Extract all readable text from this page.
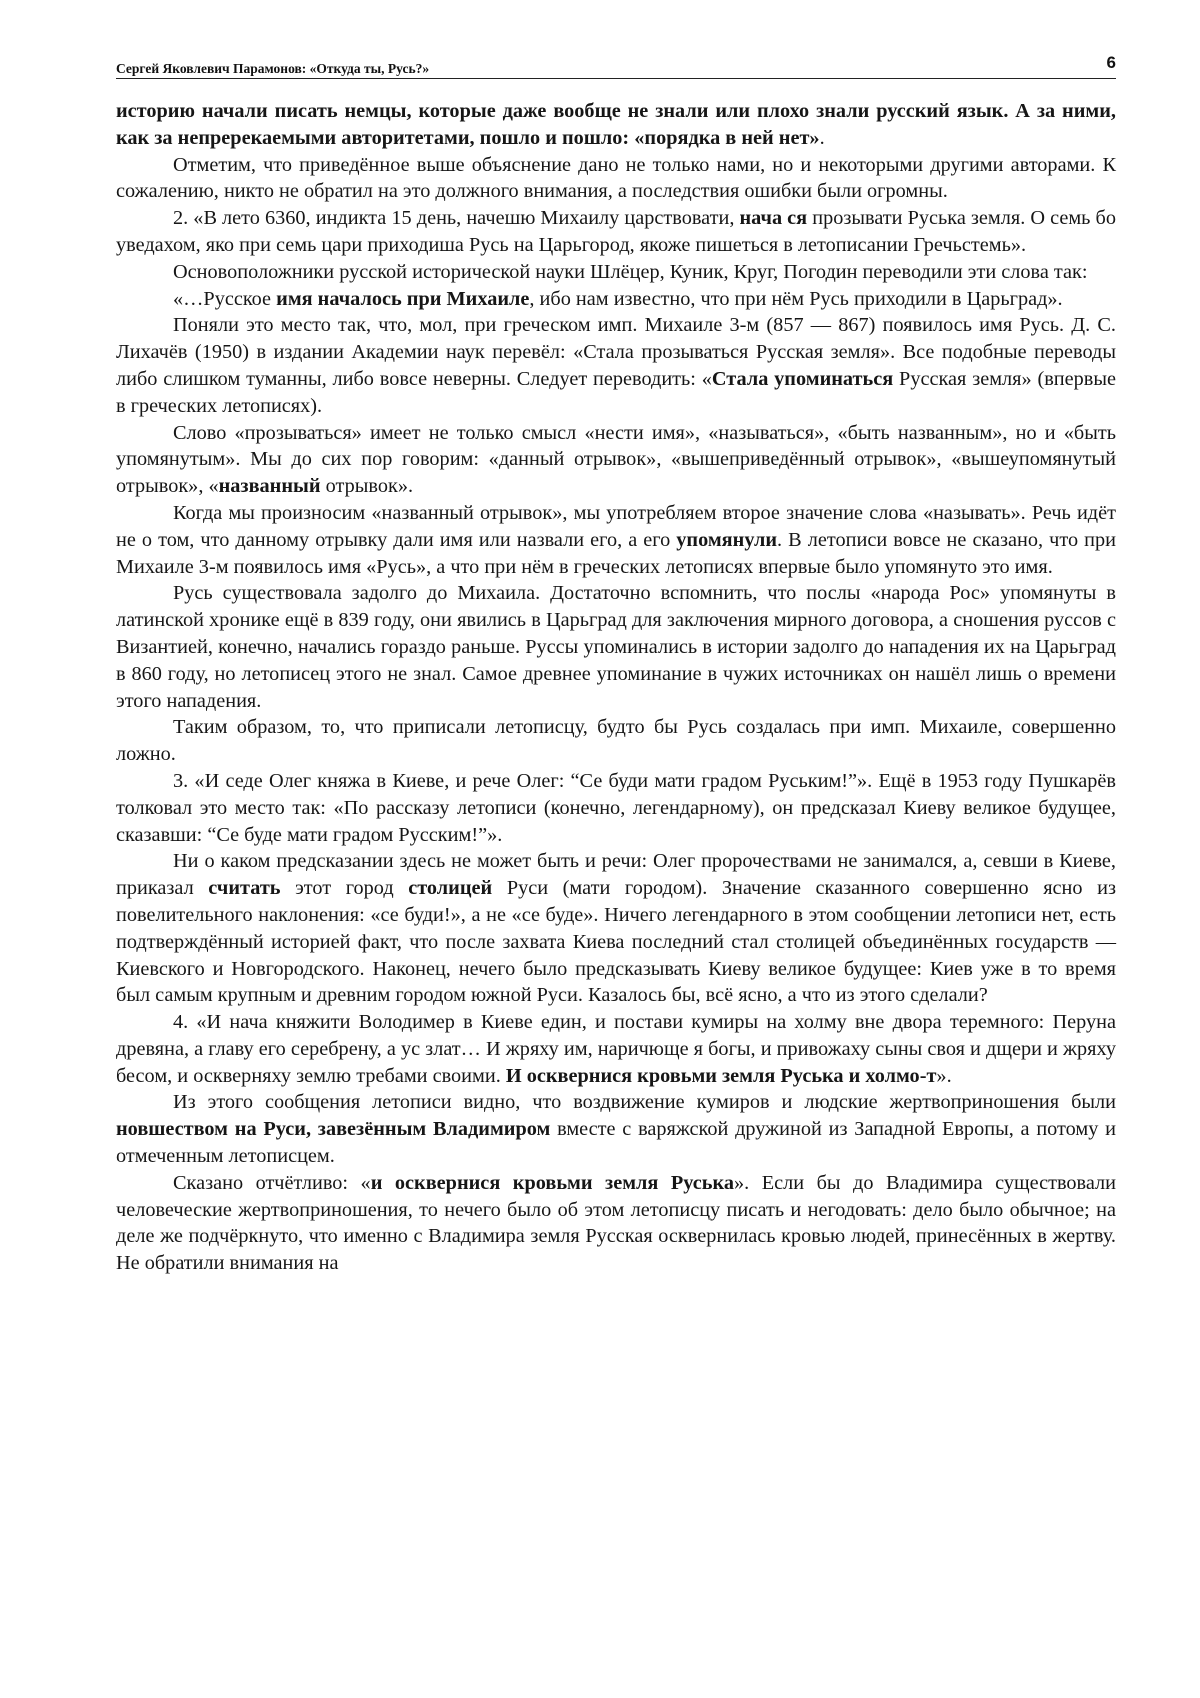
Сергей Яковлевич Парамонов: «Откуда ты, Русь?»	6

историю начали писать немцы, которые даже вообще не знали или плохо знали русский язык. А за ними, как за непререкаемыми авторитетами, пошло и пошло: «порядка в ней нет».

Отметим, что приведённое выше объяснение дано не только нами, но и некоторыми другими авторами. К сожалению, никто не обратил на это должного внимания, а последствия ошибки были огромны.

2. «В лето 6360, индикта 15 день, начешю Михаилу царствовати, нача ся прозывати Руська земля. О семь бо уведахом, яко при семь цари приходиша Русь на Царьгород, якоже пишеться в летописании Гречьстемь».

Основоположники русской исторической науки Шлёцер, Куник, Круг, Погодин переводили эти слова так:

«…Русское имя началось при Михаиле, ибо нам известно, что при нём Русь приходили в Царьград».

Поняли это место так, что, мол, при греческом имп. Михаиле 3-м (857 — 867) появилось имя Русь. Д. С. Лихачёв (1950) в издании Академии наук перевёл: «Стала прозываться Русская земля». Все подобные переводы либо слишком туманны, либо вовсе неверны. Следует переводить: «Стала упоминаться Русская земля» (впервые в греческих летописях).

Слово «прозываться» имеет не только смысл «нести имя», «называться», «быть названным», но и «быть упомянутым». Мы до сих пор говорим: «данный отрывок», «вышеприведённый отрывок», «вышеупомянутый отрывок», «названный отрывок».

Когда мы произносим «названный отрывок», мы употребляем второе значение слова «называть». Речь идёт не о том, что данному отрывку дали имя или назвали его, а его упомянули. В летописи вовсе не сказано, что при Михаиле 3-м появилось имя «Русь», а что при нём в греческих летописях впервые было упомянуто это имя.

Русь существовала задолго до Михаила. Достаточно вспомнить, что послы «народа Рос» упомянуты в латинской хронике ещё в 839 году, они явились в Царьград для заключения мирного договора, а сношения руссов с Византией, конечно, начались гораздо раньше. Руссы упоминались в истории задолго до нападения их на Царьград в 860 году, но летописец этого не знал. Самое древнее упоминание в чужих источниках он нашёл лишь о времени этого нападения.

Таким образом, то, что приписали летописцу, будто бы Русь создалась при имп. Михаиле, совершенно ложно.

3. «И седе Олег княжа в Киеве, и рече Олег: “Се буди мати градом Руським!”». Ещё в 1953 году Пушкарёв толковал это место так: «По рассказу летописи (конечно, легендарному), он предсказал Киеву великое будущее, сказавши: “Се буде мати градом Русским!”».

Ни о каком предсказании здесь не может быть и речи: Олег пророчествами не занимался, а, севши в Киеве, приказал считать этот город столицей Руси (мати городом). Значение сказанного совершенно ясно из повелительного наклонения: «се буди!», а не «се буде». Ничего легендарного в этом сообщении летописи нет, есть подтверждённый историей факт, что после захвата Киева последний стал столицей объединённых государств — Киевского и Новгородского. Наконец, нечего было предсказывать Киеву великое будущее: Киев уже в то время был самым крупным и древним городом южной Руси. Казалось бы, всё ясно, а что из этого сделали?

4. «И нача княжити Володимер в Киеве един, и постави кумиры на холму вне двора теремного: Перуна древяна, а главу его серебрену, а ус злат… И жряху им, наричюще я богы, и привожаху сыны своя и дщери и жряху бесом, и оскверняху землю требами своими. И осквернися кровьми земля Руська и холмо-т».

Из этого сообщения летописи видно, что воздвижение кумиров и людские жертвоприношения были новшеством на Руси, завезённым Владимиром вместе с варяжской дружиной из Западной Европы, а потому и отмеченным летописцем.

Сказано отчётливо: «и осквернися кровьми земля Руська». Если бы до Владимира существовали человеческие жертвоприношения, то нечего было об этом летописцу писать и негодовать: дело было обычное; на деле же подчёркнуто, что именно с Владимира земля Русская осквернилась кровью людей, принесённых в жертву. Не обратили внимания на
